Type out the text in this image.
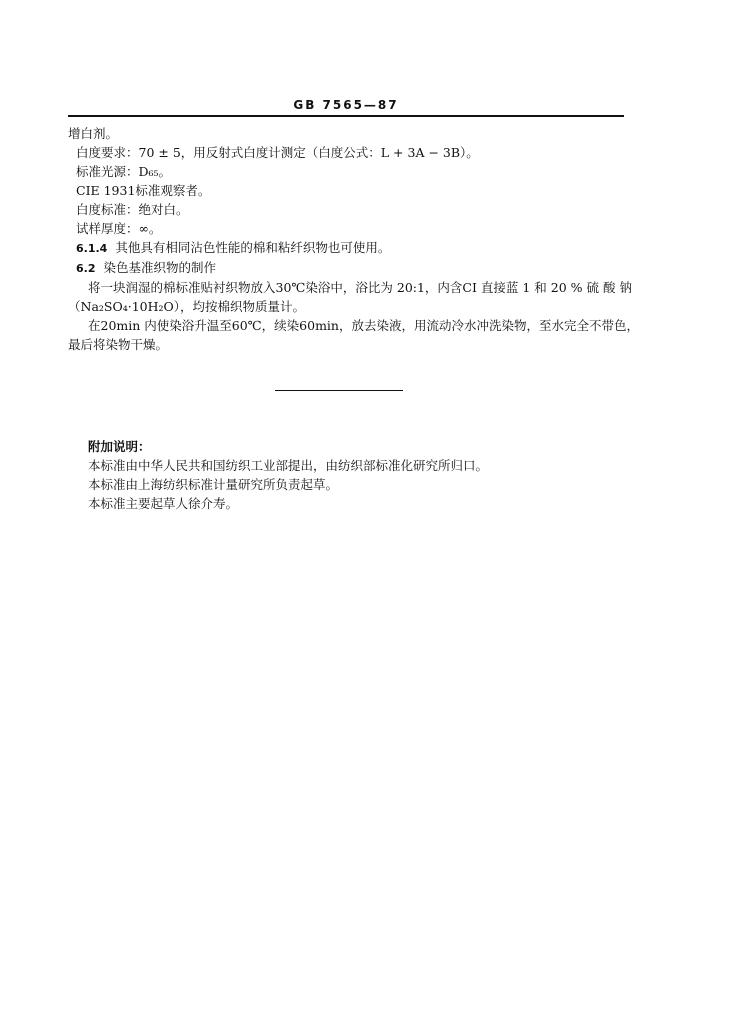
GB 7565—87
增白剂。
白度要求：70 ± 5，用反射式白度计测定（白度公式：L + 3A − 3B）。
标准光源：D₆₅。
CIE 1931标准观察者。
白度标准：绝对白。
试样厚度：∞。
6.1.4 其他具有相同沾色性能的棉和粘纤织物也可使用。
6.2 染色基准织物的制作
将一块润湿的棉标准贴衬织物放入30℃染浴中，浴比为 20:1，内含CI 直接蓝 1 和 20 % 硫 酸 钠
（Na₂SO₄·10H₂O），均按棉织物质量计。
在20min 内使染浴升温至60℃，续染60min，放去染液，用流动冷水冲洗染物，至水完全不带色，
最后将染物干燥。
附加说明：
本标准由中华人民共和国纺织工业部提出，由纺织部标准化研究所归口。
本标准由上海纺织标准计量研究所负责起草。
本标准主要起草人徐介寿。
